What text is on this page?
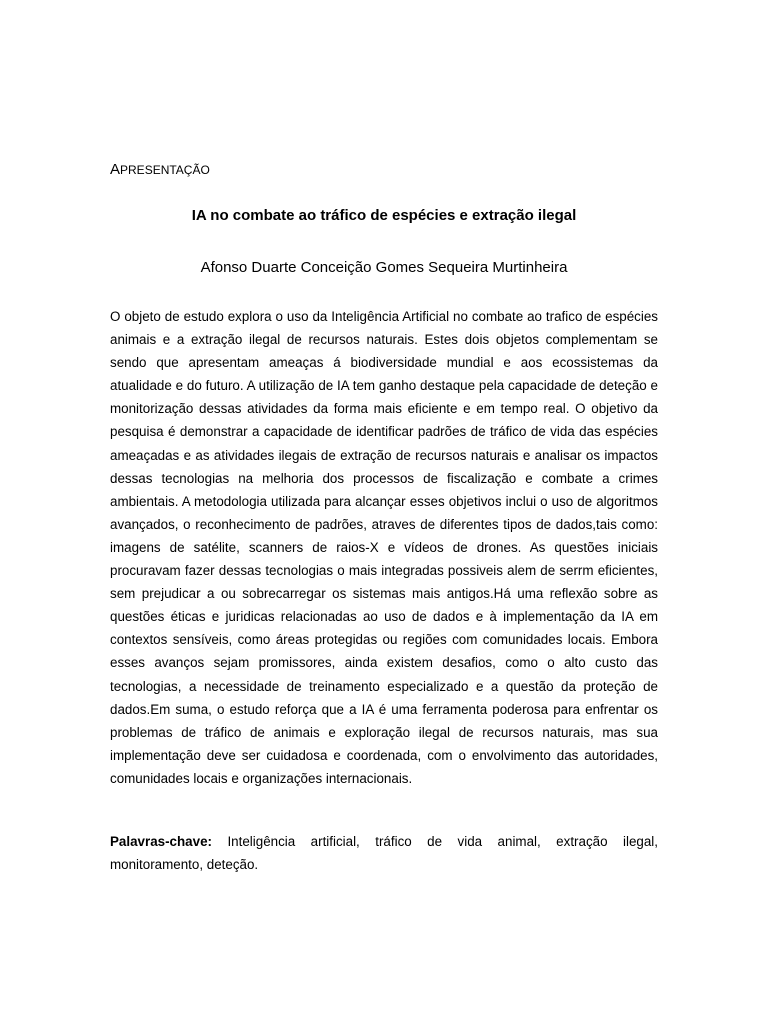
APRESENTAÇÃO
IA no combate ao tráfico de espécies e extração ilegal
Afonso Duarte Conceição Gomes Sequeira Murtinheira

O objeto de estudo explora o uso da Inteligência Artificial no combate ao trafico de espécies animais e a extração ilegal de recursos naturais. Estes dois objetos complementam se sendo que apresentam ameaças á biodiversidade mundial e aos ecossistemas da atualidade e do futuro. A utilização de IA tem ganho destaque pela capacidade de deteção e monitorização dessas atividades da forma mais eficiente e em tempo real. O objetivo da pesquisa é demonstrar a capacidade de identificar padrões de tráfico de vida das espécies ameaçadas e as atividades ilegais de extração de recursos naturais e analisar os impactos dessas tecnologias na melhoria dos processos de fiscalização e combate a crimes ambientais. A metodologia utilizada para alcançar esses objetivos inclui o uso de algoritmos avançados, o reconhecimento de padrões, atraves de diferentes tipos de dados,tais como: imagens de satélite, scanners de raios-X e vídeos de drones. As questões iniciais procuravam fazer dessas tecnologias o mais integradas possiveis alem de serrm eficientes, sem prejudicar a ou sobrecarregar os sistemas mais antigos.Há uma reflexão sobre as questões éticas e juridicas relacionadas ao uso de dados e à implementação da IA em contextos sensíveis, como áreas protegidas ou regiões com comunidades locais. Embora esses avanços sejam promissores, ainda existem desafios, como o alto custo das tecnologias, a necessidade de treinamento especializado e a questão da proteção de dados.Em suma, o estudo reforça que a IA é uma ferramenta poderosa para enfrentar os problemas de tráfico de animais e exploração ilegal de recursos naturais, mas sua implementação deve ser cuidadosa e coordenada, com o envolvimento das autoridades, comunidades locais e organizações internacionais.

Palavras-chave: Inteligência artificial, tráfico de vida animal, extração ilegal, monitoramento, deteção.
